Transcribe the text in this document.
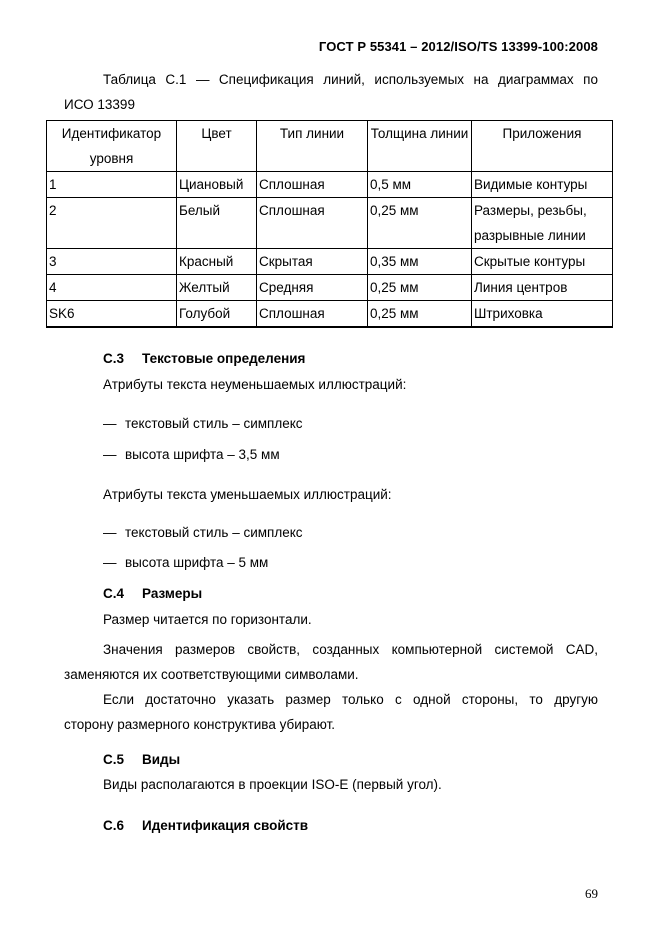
ГОСТ Р 55341 – 2012/ISO/TS 13399-100:2008
Таблица С.1 — Спецификация линий, используемых на диаграммах по
ИСО 13399
Идентификатор уровня	Цвет	Тип линии	Толщина линии	Приложения
1	Циановый	Сплошная	0,5 мм	Видимые контуры
2	Белый	Сплошная	0,25 мм	Размеры, резьбы, разрывные линии
3	Красный	Скрытая	0,35 мм	Скрытые контуры
4	Желтый	Средняя	0,25 мм	Линия центров
SK6	Голубой	Сплошная	0,25 мм	Штриховка
С.3 Текстовые определения
Атрибуты текста неуменьшаемых иллюстраций:
— текстовый стиль – симплекс
— высота шрифта – 3,5 мм
Атрибуты текста уменьшаемых иллюстраций:
— текстовый стиль – симплекс
— высота шрифта – 5 мм
С.4 Размеры
Размер читается по горизонтали.
Значения размеров свойств, созданных компьютерной системой CAD,
заменяются их соответствующими символами.
Если достаточно указать размер только с одной стороны, то другую
сторону размерного конструктива убирают.
С.5 Виды
Виды располагаются в проекции ISO-E (первый угол).
С.6 Идентификация свойств
69
